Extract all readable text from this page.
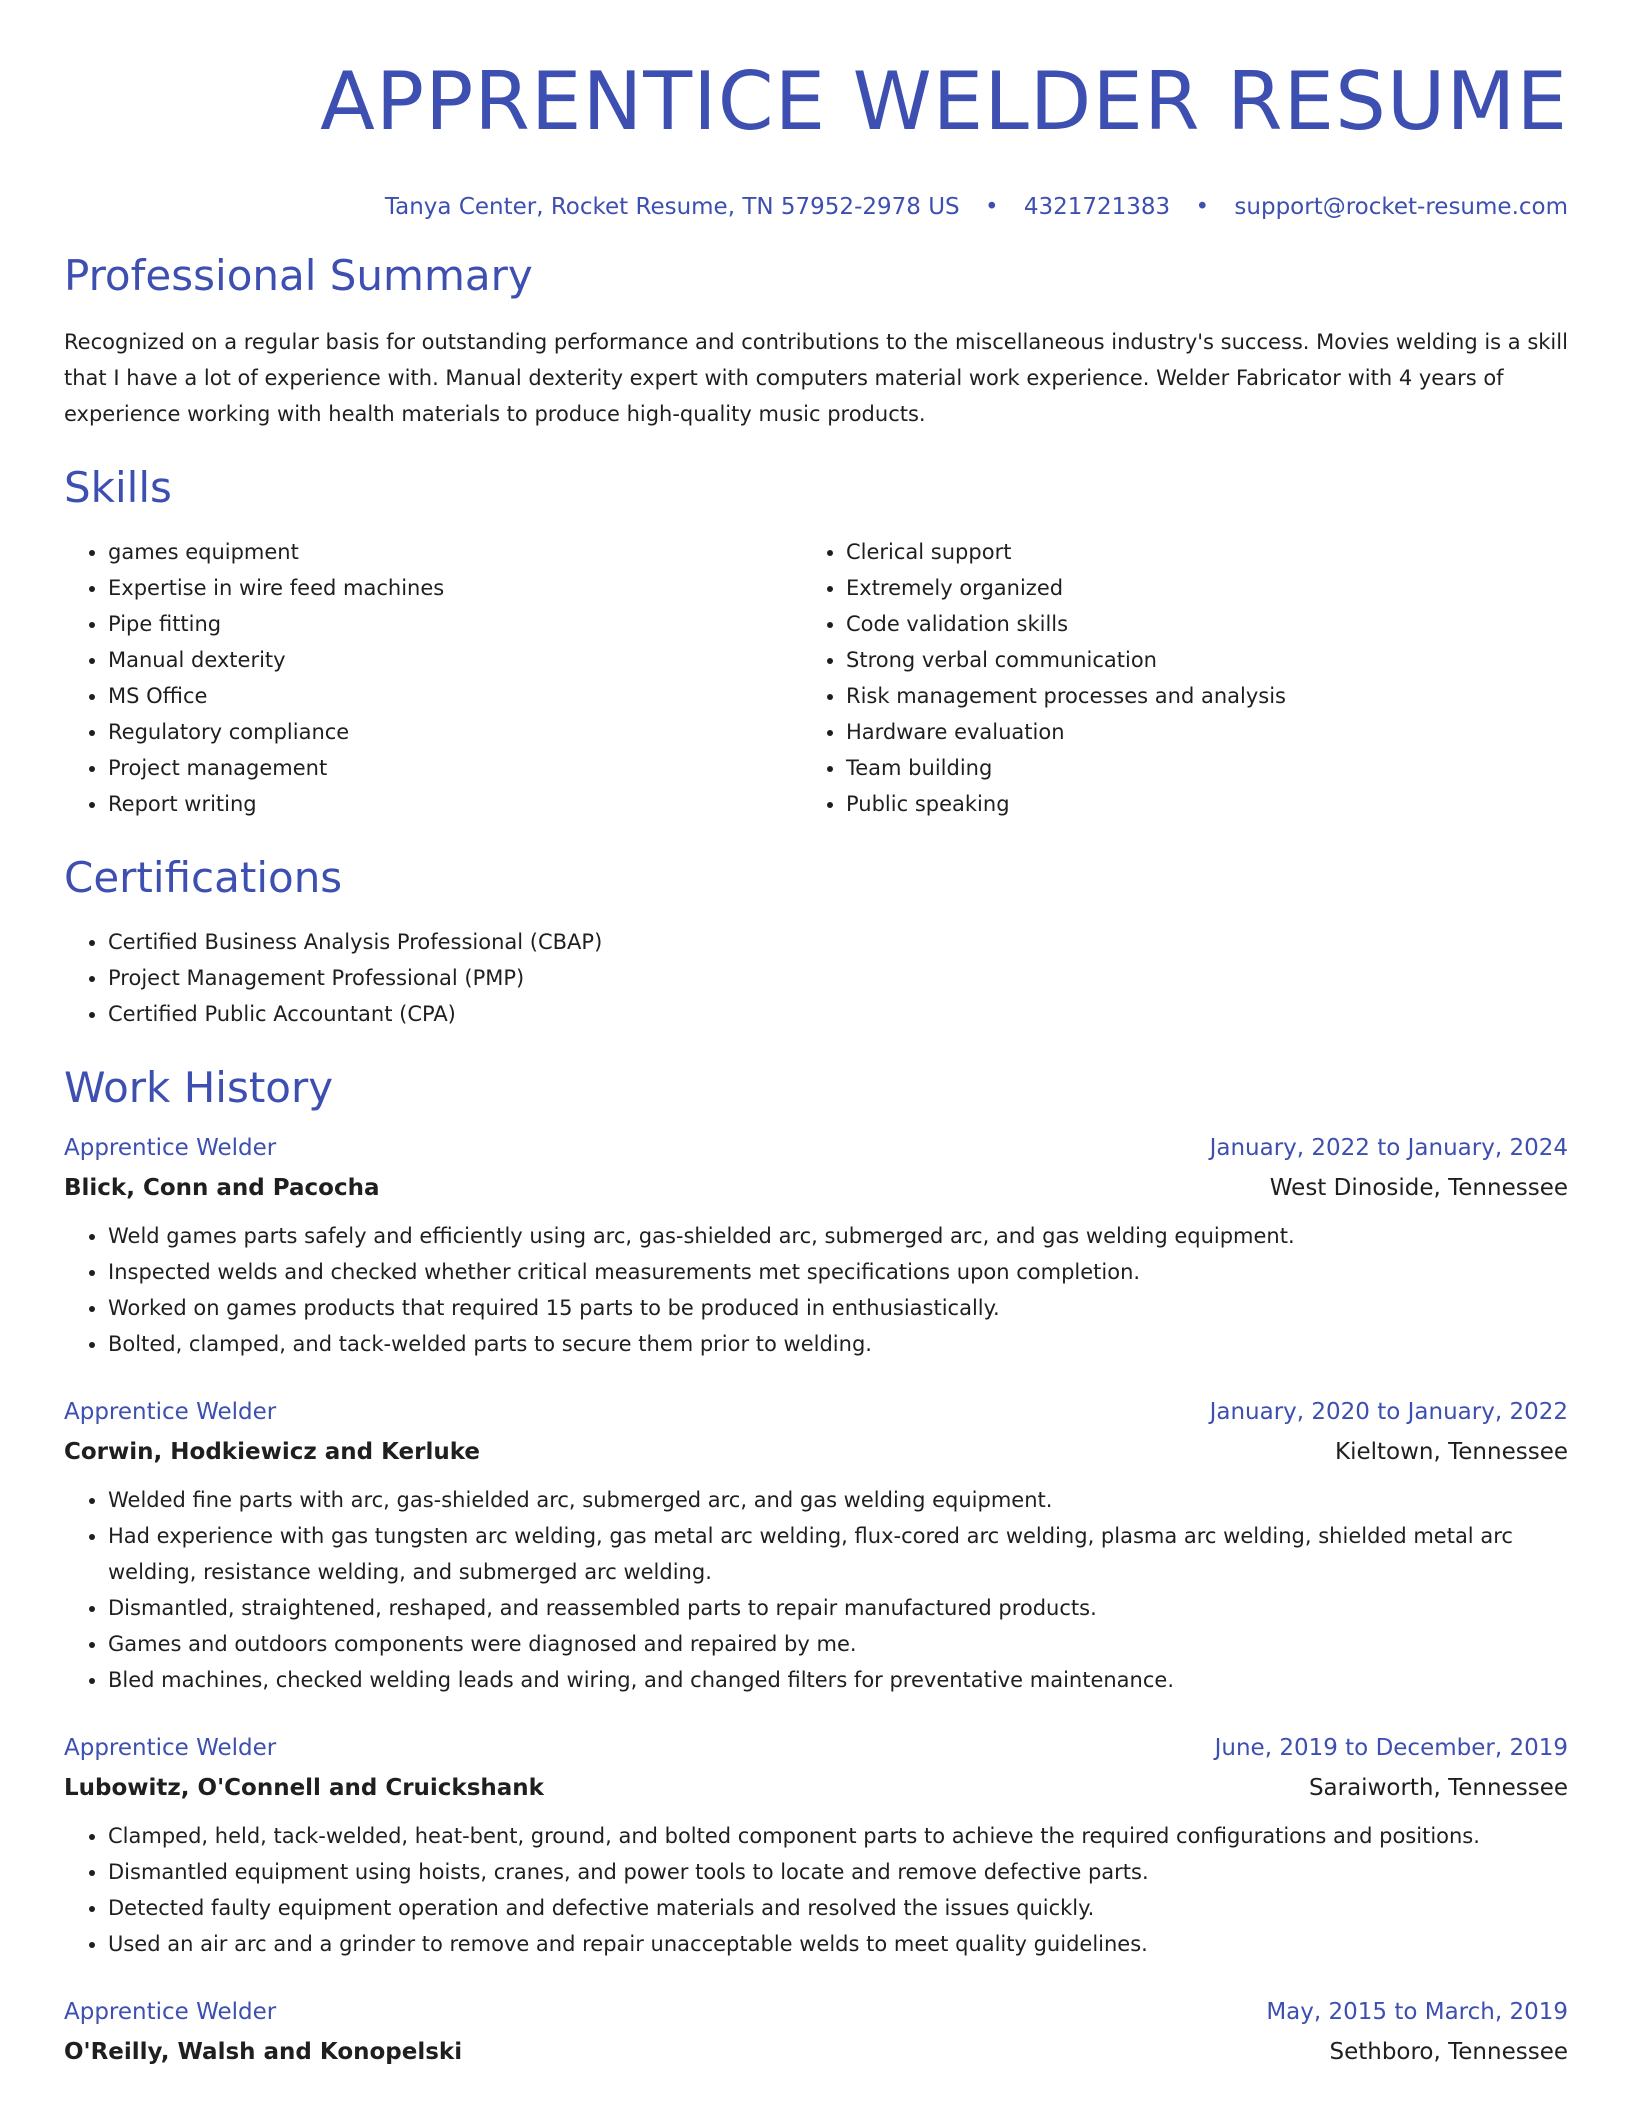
APPRENTICE WELDER RESUME
Tanya Center, Rocket Resume, TN 57952-2978 US • 4321721383 • support@rocket-resume.com
Professional Summary

Recognized on a regular basis for outstanding performance and contributions to the miscellaneous industry's success. Movies welding is a skill that I have a lot of experience with. Manual dexterity expert with computers material work experience. Welder Fabricator with 4 years of experience working with health materials to produce high-quality music products.

Skills
• games equipment
• Expertise in wire feed machines
• Pipe fitting
• Manual dexterity
• MS Office
• Regulatory compliance
• Project management
• Report writing
• Clerical support
• Extremely organized
• Code validation skills
• Strong verbal communication
• Risk management processes and analysis
• Hardware evaluation
• Team building
• Public speaking
Certifications
• Certified Business Analysis Professional (CBAP)
• Project Management Professional (PMP)
• Certified Public Accountant (CPA)
Work History
Apprentice Welder	January, 2022 to January, 2024
Blick, Conn and Pacocha	West Dinoside, Tennessee
• Weld games parts safely and efficiently using arc, gas-shielded arc, submerged arc, and gas welding equipment.
• Inspected welds and checked whether critical measurements met specifications upon completion.
• Worked on games products that required 15 parts to be produced in enthusiastically.
• Bolted, clamped, and tack-welded parts to secure them prior to welding.
Apprentice Welder	January, 2020 to January, 2022
Corwin, Hodkiewicz and Kerluke	Kieltown, Tennessee
• Welded fine parts with arc, gas-shielded arc, submerged arc, and gas welding equipment.
• Had experience with gas tungsten arc welding, gas metal arc welding, flux-cored arc welding, plasma arc welding, shielded metal arc welding, resistance welding, and submerged arc welding.
• Dismantled, straightened, reshaped, and reassembled parts to repair manufactured products.
• Games and outdoors components were diagnosed and repaired by me.
• Bled machines, checked welding leads and wiring, and changed filters for preventative maintenance.
Apprentice Welder	June, 2019 to December, 2019
Lubowitz, O'Connell and Cruickshank	Saraiworth, Tennessee
• Clamped, held, tack-welded, heat-bent, ground, and bolted component parts to achieve the required configurations and positions.
• Dismantled equipment using hoists, cranes, and power tools to locate and remove defective parts.
• Detected faulty equipment operation and defective materials and resolved the issues quickly.
• Used an air arc and a grinder to remove and repair unacceptable welds to meet quality guidelines.
Apprentice Welder	May, 2015 to March, 2019
O'Reilly, Walsh and Konopelski	Sethboro, Tennessee
